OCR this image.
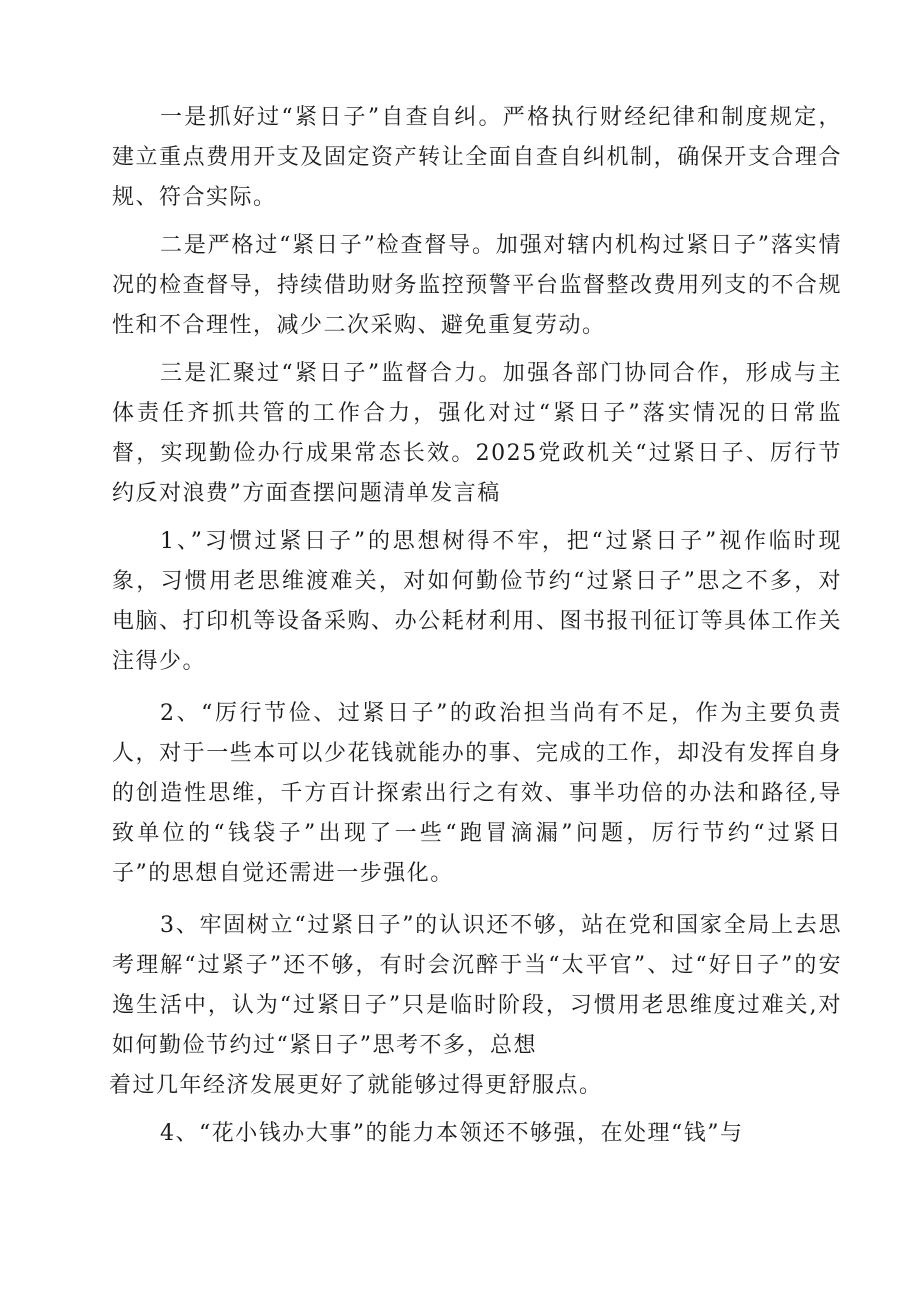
一是抓好过“紧日子”自查自纠。严格执行财经纪律和制度规定，建立重点费用开支及固定资产转让全面自查自纠机制，确保开支合理合规、符合实际。

二是严格过“紧日子”检查督导。加强对辖内机构过紧日子”落实情况的检查督导，持续借助财务监控预警平台监督整改费用列支的不合规性和不合理性，减少二次采购、避免重复劳动。

三是汇聚过“紧日子”监督合力。加强各部门协同合作，形成与主体责任齐抓共管的工作合力，强化对过“紧日子”落实情况的日常监督，实现勤俭办行成果常态长效。2025党政机关“过紧日子、厉行节约反对浪费”方面查摆问题清单发言稿

1、”习惯过紧日子”的思想树得不牢，把“过紧日子”视作临时现象，习惯用老思维渡难关，对如何勤俭节约“过紧日子”思之不多，对电脑、打印机等设备采购、办公耗材利用、图书报刊征订等具体工作关注得少。

2、“厉行节俭、过紧日子”的政治担当尚有不足，作为主要负责人，对于一些本可以少花钱就能办的事、完成的工作，却没有发挥自身的创造性思维，千方百计探索出行之有效、事半功倍的办法和路径,导致单位的“钱袋子”出现了一些“跑冒滴漏”问题，厉行节约“过紧日子”的思想自觉还需进一步强化。

3、牢固树立“过紧日子”的认识还不够，站在党和国家全局上去思考理解“过紧子”还不够，有时会沉醉于当“太平官”、过“好日子”的安逸生活中，认为“过紧日子”只是临时阶段，习惯用老思维度过难关,对如何勤俭节约过“紧日子”思考不多，总想

着过几年经济发展更好了就能够过得更舒服点。

4、“花小钱办大事”的能力本领还不够强，在处理“钱”与
